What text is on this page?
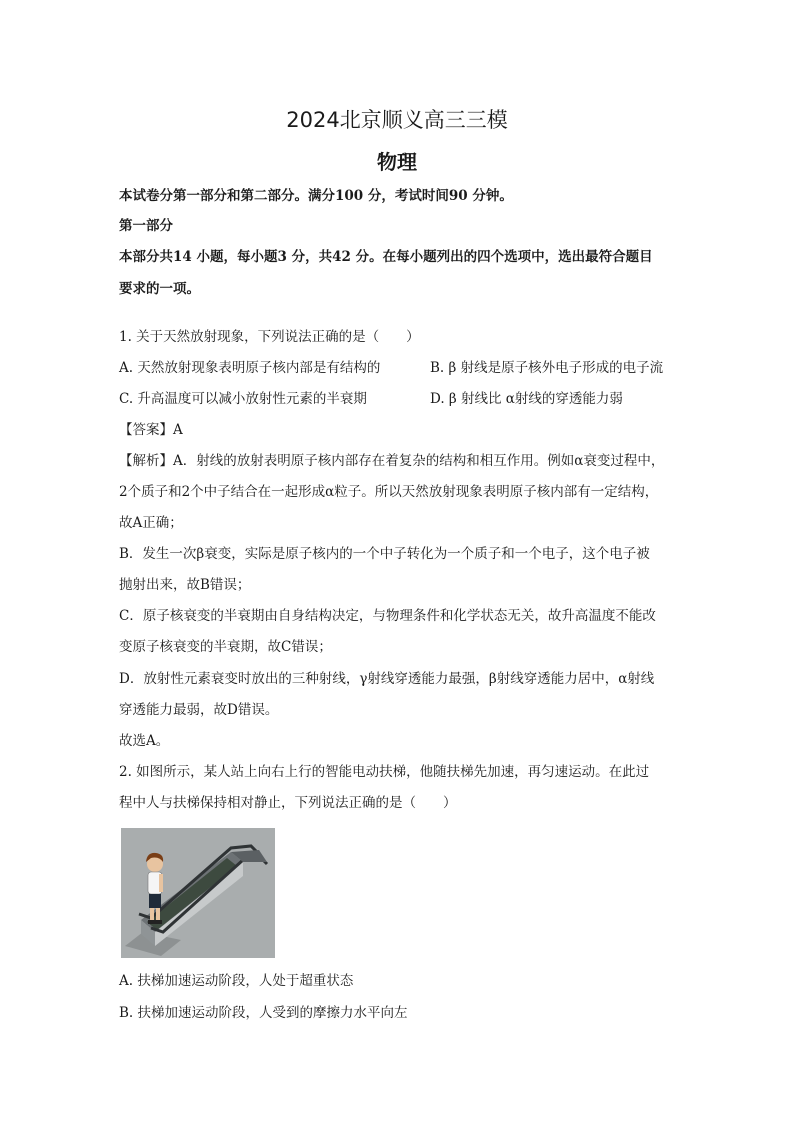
2024北京顺义高三三模
物理
本试卷分第一部分和第二部分。满分100 分，考试时间90 分钟。
第一部分
本部分共14 小题，每小题3 分，共42 分。在每小题列出的四个选项中，选出最符合题目
要求的一项。
1. 关于天然放射现象，下列说法正确的是（　　）
A. 天然放射现象表明原子核内部是有结构的	B. β 射线是原子核外电子形成的电子流
C. 升高温度可以减小放射性元素的半衰期	D. β 射线比 α射线的穿透能力弱
【答案】A
【解析】A．射线的放射表明原子核内部存在着复杂的结构和相互作用。例如α衰变过程中，
2个质子和2个中子结合在一起形成α粒子。所以天然放射现象表明原子核内部有一定结构，
故A正确；
B．发生一次β衰变，实际是原子核内的一个中子转化为一个质子和一个电子，这个电子被
抛射出来，故B错误；
C．原子核衰变的半衰期由自身结构决定，与物理条件和化学状态无关，故升高温度不能改
变原子核衰变的半衰期，故C错误；
D．放射性元素衰变时放出的三种射线，γ射线穿透能力最强，β射线穿透能力居中，α射线
穿透能力最弱，故D错误。
故选A。
2. 如图所示，某人站上向右上行的智能电动扶梯，他随扶梯先加速，再匀速运动。在此过
程中人与扶梯保持相对静止，下列说法正确的是（　　）
A. 扶梯加速运动阶段，人处于超重状态
B. 扶梯加速运动阶段，人受到的摩擦力水平向左
